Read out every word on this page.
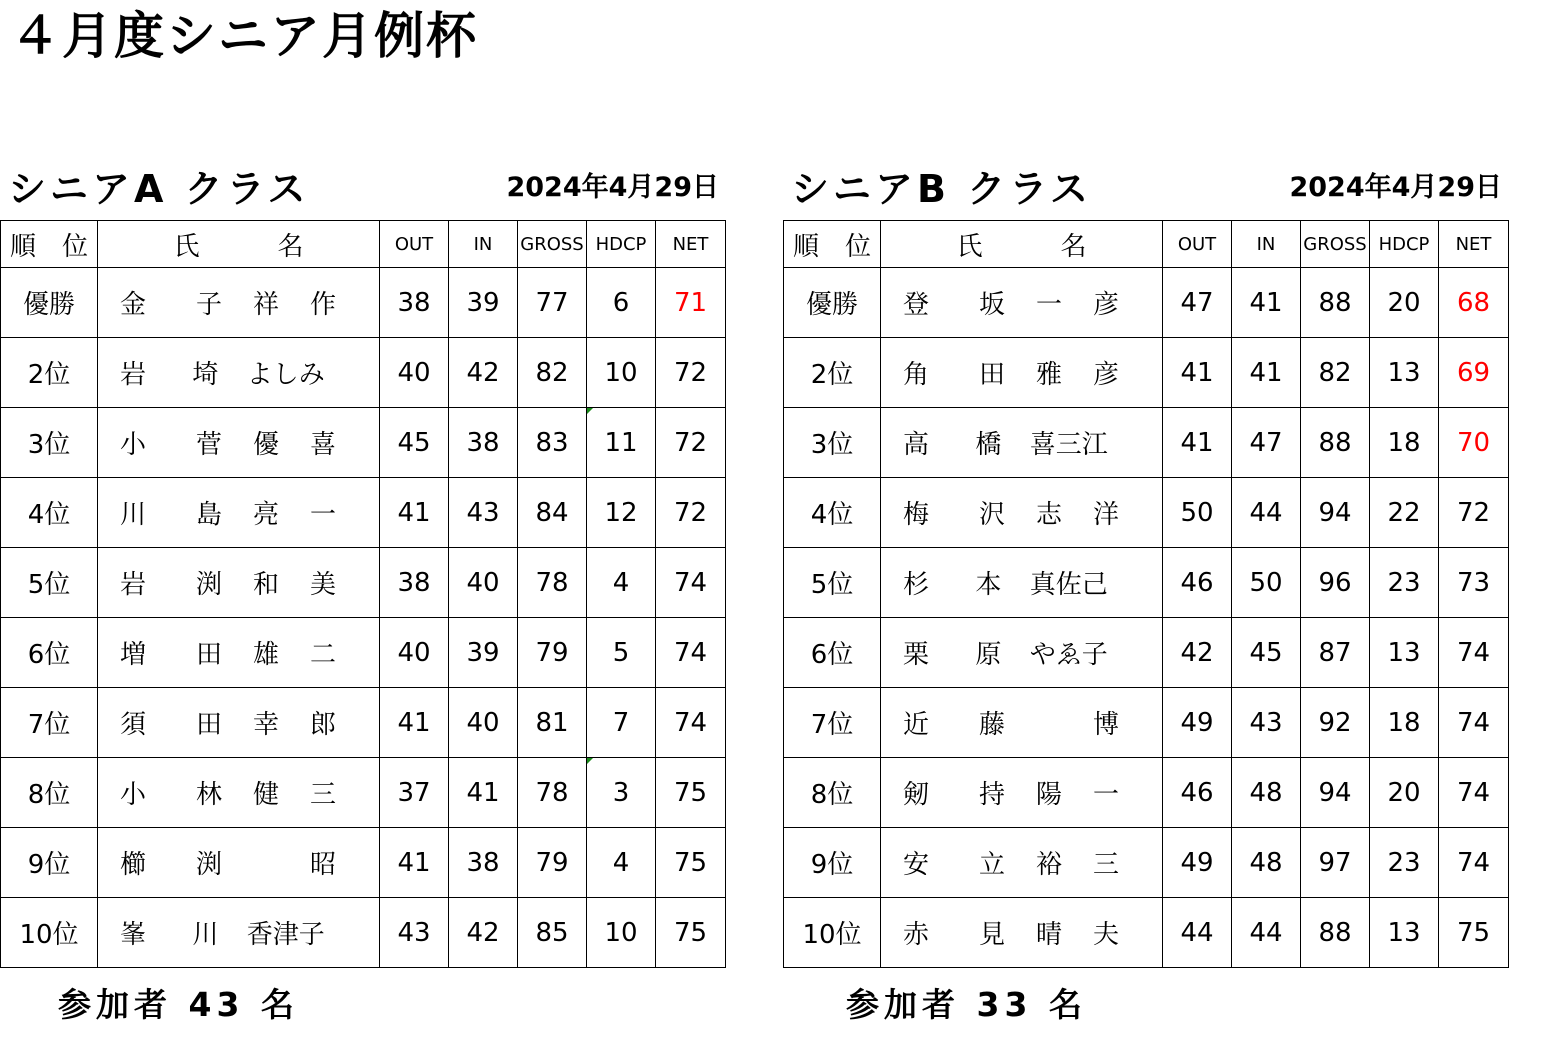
４月度シニア月例杯
シニアA クラス	2024年4月29日
順　位	氏　　　名	OUT	IN	GROSS	HDCP	NET
優勝	金 子 祥 作	38	39	77	6	71
2位	岩 埼 よしみ	40	42	82	10	72
3位	小 菅 優 喜	45	38	83	11	72
4位	川 島 亮 一	41	43	84	12	72
5位	岩 渕 和 美	38	40	78	4	74
6位	増 田 雄 二	40	39	79	5	74
7位	須 田 幸 郎	41	40	81	7	74
8位	小 林 健 三	37	41	78	3	75
9位	櫛 渕 昭	41	38	79	4	75
10位	峯 川 香津子	43	42	85	10	75
シニアB クラス	2024年4月29日
順　位	氏　　　名	OUT	IN	GROSS	HDCP	NET
優勝	登 坂 一 彦	47	41	88	20	68
2位	角 田 雅 彦	41	41	82	13	69
3位	高 橋 喜三江	41	47	88	18	70
4位	梅 沢 志 洋	50	44	94	22	72
5位	杉 本 真佐己	46	50	96	23	73
6位	栗 原 やゑ子	42	45	87	13	74
7位	近 藤 博	49	43	92	18	74
8位	剱 持 陽 一	46	48	94	20	74
9位	安 立 裕 三	49	48	97	23	74
10位	赤 見 晴 夫	44	44	88	13	75
参加者 43 名	参加者 33 名
